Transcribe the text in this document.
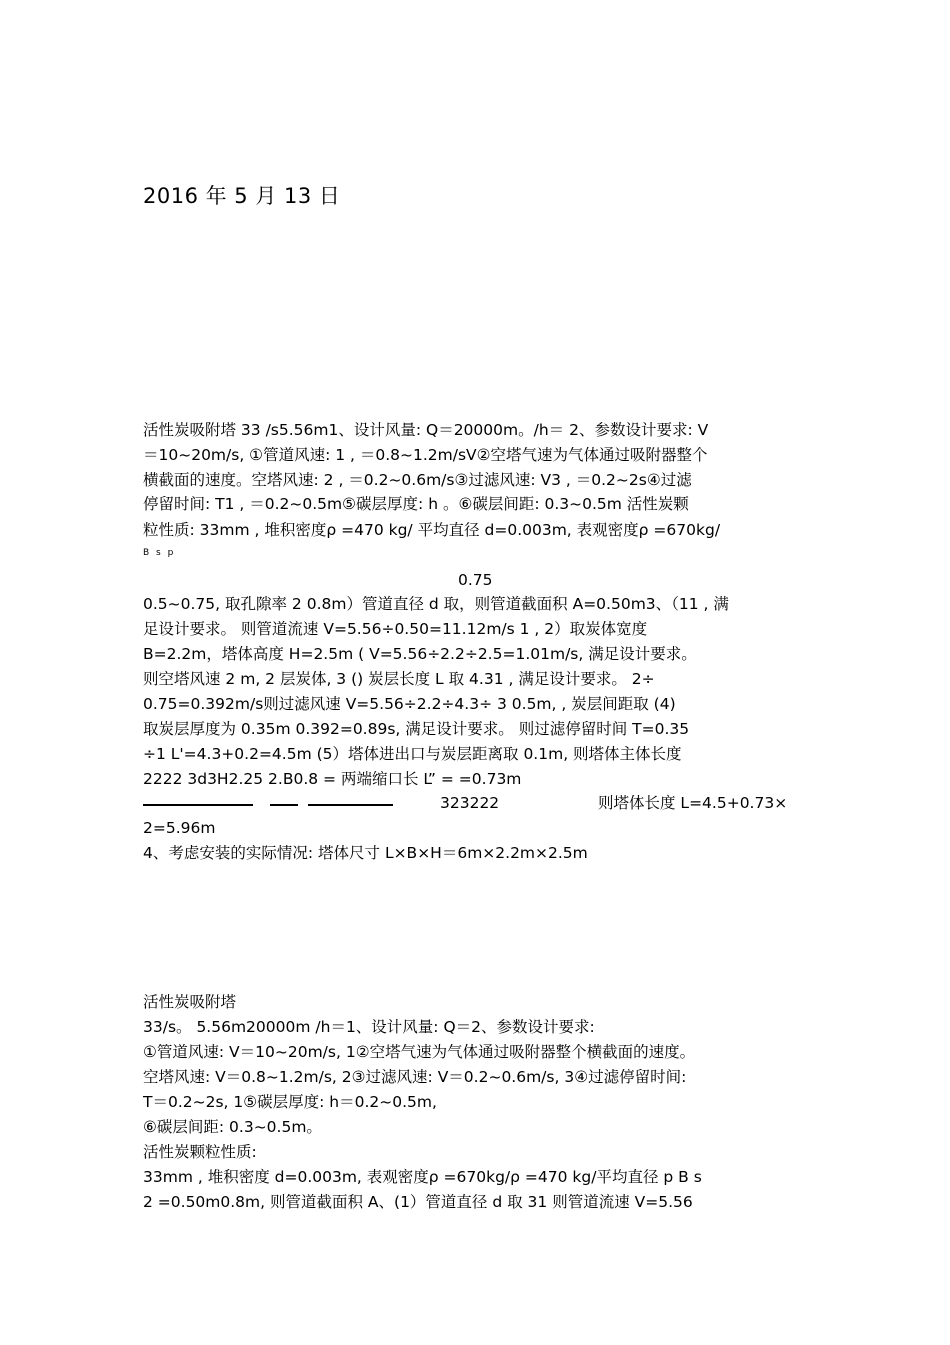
2016 年 5 月 13 日
活性炭吸附塔 33 /s5.56m1、设计风量: Q＝20000m。/h＝ 2、参数设计要求: V
＝10~20m/s, ①管道风速: 1 , ＝0.8~1.2m/sV②空塔气速为气体通过吸附器整个
横截面的速度。空塔风速: 2 , ＝0.2~0.6m/s③过滤风速: V3 , ＝0.2~2s④过滤
停留时间: T1 , ＝0.2~0.5m⑤碳层厚度: h 。⑥碳层间距: 0.3~0.5m 活性炭颗
粒性质: 33mm , 堆积密度ρ =470 kg/ 平均直径 d=0.003m, 表观密度ρ =670kg/
B s p
0.75
0.5~0.75, 取孔隙率 2 0.8m）管道直径 d 取，则管道截面积 A=0.50m3、（11 , 满
足设计要求。 则管道流速 V=5.56÷0.50=11.12m/s 1 , 2）取炭体宽度
B=2.2m，塔体高度 H=2.5m ( V=5.56÷2.2÷2.5=1.01m/s, 满足设计要求。
则空塔风速 2 m, 2 层炭体, 3 () 炭层长度 L 取 4.31 , 满足设计要求。 2÷
0.75=0.392m/s则过滤风速 V=5.56÷2.2÷4.3÷ 3 0.5m, , 炭层间距取 (4)
取炭层厚度为 0.35m 0.392=0.89s, 满足设计要求。 则过滤停留时间 T=0.35
÷1 L'=4.3+0.2=4.5m (5）塔体进出口与炭层距离取 0.1m, 则塔体主体长度
2222 3d3H2.25 2.B0.8 = 两端缩口长 L” = =0.73m
323222	则塔体长度 L=4.5+0.73×
2=5.96m
4、考虑安装的实际情况: 塔体尺寸 L×B×H＝6m×2.2m×2.5m
活性炭吸附塔
33/s。 5.56m20000m /h＝1、设计风量: Q＝2、参数设计要求:
①管道风速: V＝10~20m/s, 1②空塔气速为气体通过吸附器整个横截面的速度。
空塔风速: V＝0.8~1.2m/s, 2③过滤风速: V＝0.2~0.6m/s, 3④过滤停留时间:
T＝0.2~2s, 1⑤碳层厚度: h＝0.2~0.5m,
⑥碳层间距: 0.3~0.5m。
活性炭颗粒性质:
33mm , 堆积密度 d=0.003m, 表观密度ρ =670kg/ρ =470 kg/平均直径 p B s
2 =0.50m0.8m, 则管道截面积 A、(1）管道直径 d 取 31 则管道流速 V=5.56
